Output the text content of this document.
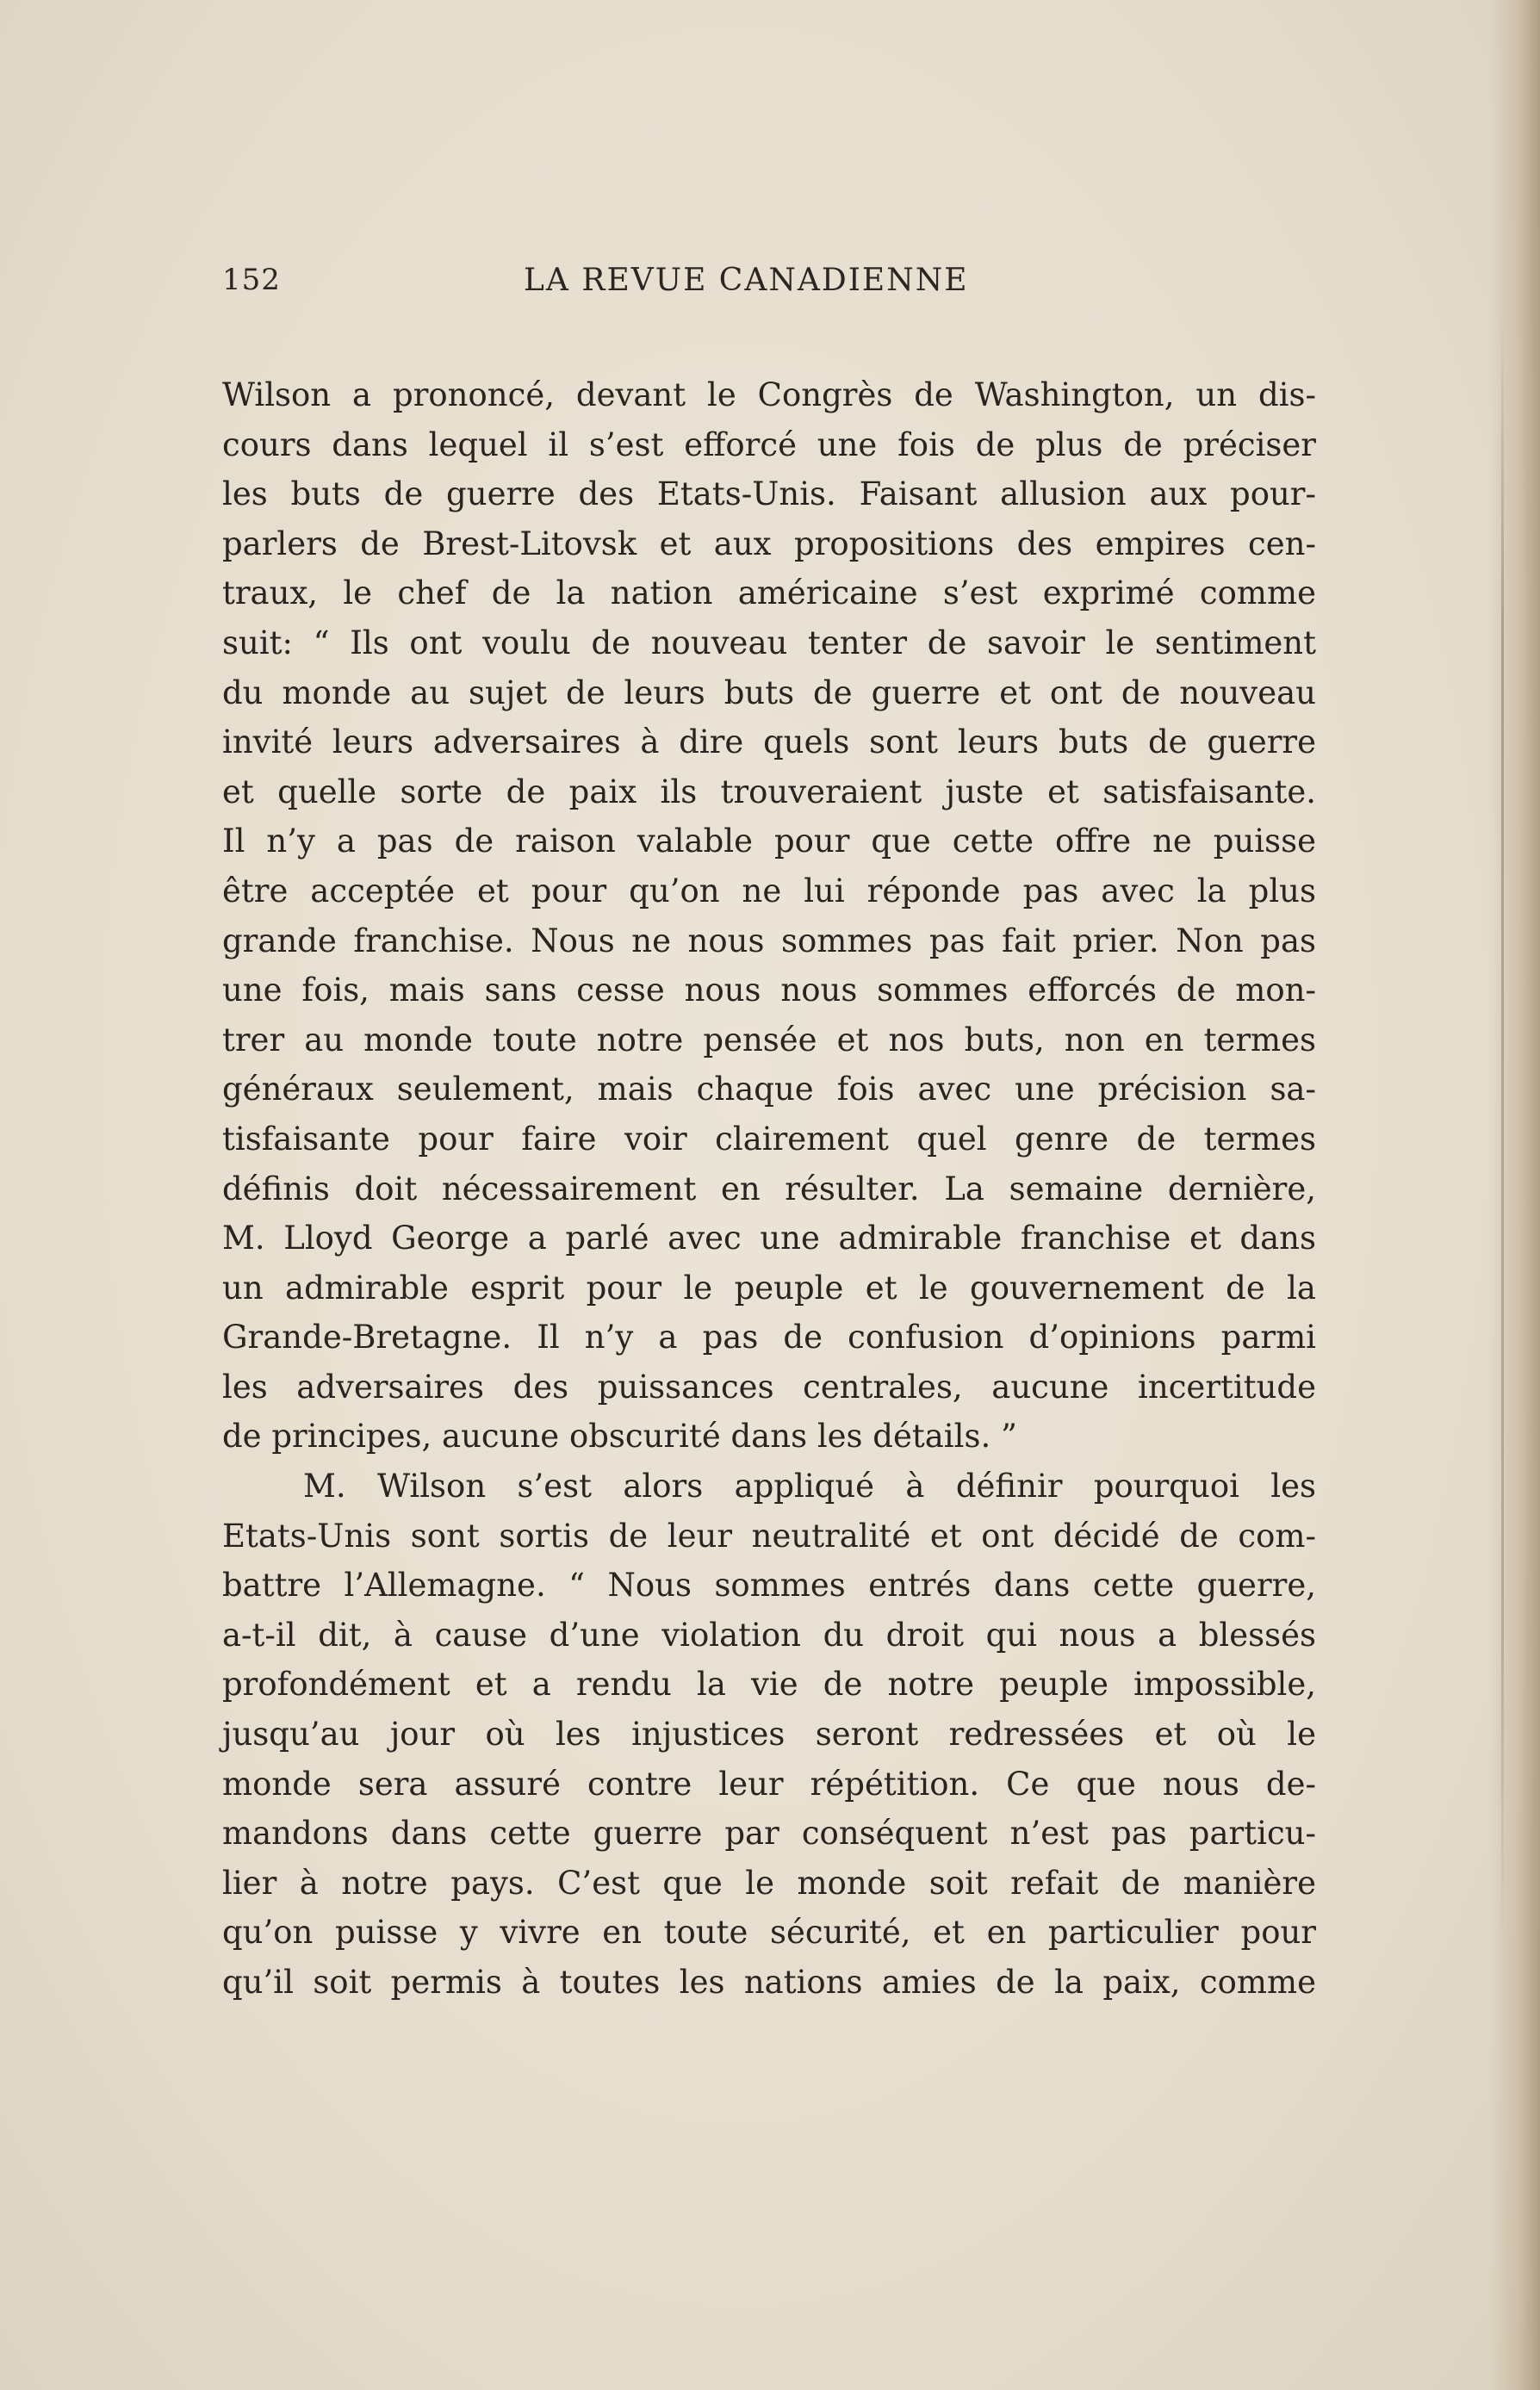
152	LA REVUE CANADIENNE
Wilson a prononcé, devant le Congrès de Washington, un dis-
cours dans lequel il s’est efforcé une fois de plus de préciser
les buts de guerre des Etats-Unis. Faisant allusion aux pour-
parlers de Brest-Litovsk et aux propositions des empires cen-
traux, le chef de la nation américaine s’est exprimé comme
suit: “ Ils ont voulu de nouveau tenter de savoir le sentiment
du monde au sujet de leurs buts de guerre et ont de nouveau
invité leurs adversaires à dire quels sont leurs buts de guerre
et quelle sorte de paix ils trouveraient juste et satisfaisante.
Il n’y a pas de raison valable pour que cette offre ne puisse
être acceptée et pour qu’on ne lui réponde pas avec la plus
grande franchise. Nous ne nous sommes pas fait prier. Non pas
une fois, mais sans cesse nous nous sommes efforcés de mon-
trer au monde toute notre pensée et nos buts, non en termes
généraux seulement, mais chaque fois avec une précision sa-
tisfaisante pour faire voir clairement quel genre de termes
définis doit nécessairement en résulter. La semaine dernière,
M. Lloyd George a parlé avec une admirable franchise et dans
un admirable esprit pour le peuple et le gouvernement de la
Grande-Bretagne. Il n’y a pas de confusion d’opinions parmi
les adversaires des puissances centrales, aucune incertitude
de principes, aucune obscurité dans les détails. ”
M. Wilson s’est alors appliqué à définir pourquoi les
Etats-Unis sont sortis de leur neutralité et ont décidé de com-
battre l’Allemagne. “ Nous sommes entrés dans cette guerre,
a-t-il dit, à cause d’une violation du droit qui nous a blessés
profondément et a rendu la vie de notre peuple impossible,
jusqu’au jour où les injustices seront redressées et où le
monde sera assuré contre leur répétition. Ce que nous de-
mandons dans cette guerre par conséquent n’est pas particu-
lier à notre pays. C’est que le monde soit refait de manière
qu’on puisse y vivre en toute sécurité, et en particulier pour
qu’il soit permis à toutes les nations amies de la paix, comme
